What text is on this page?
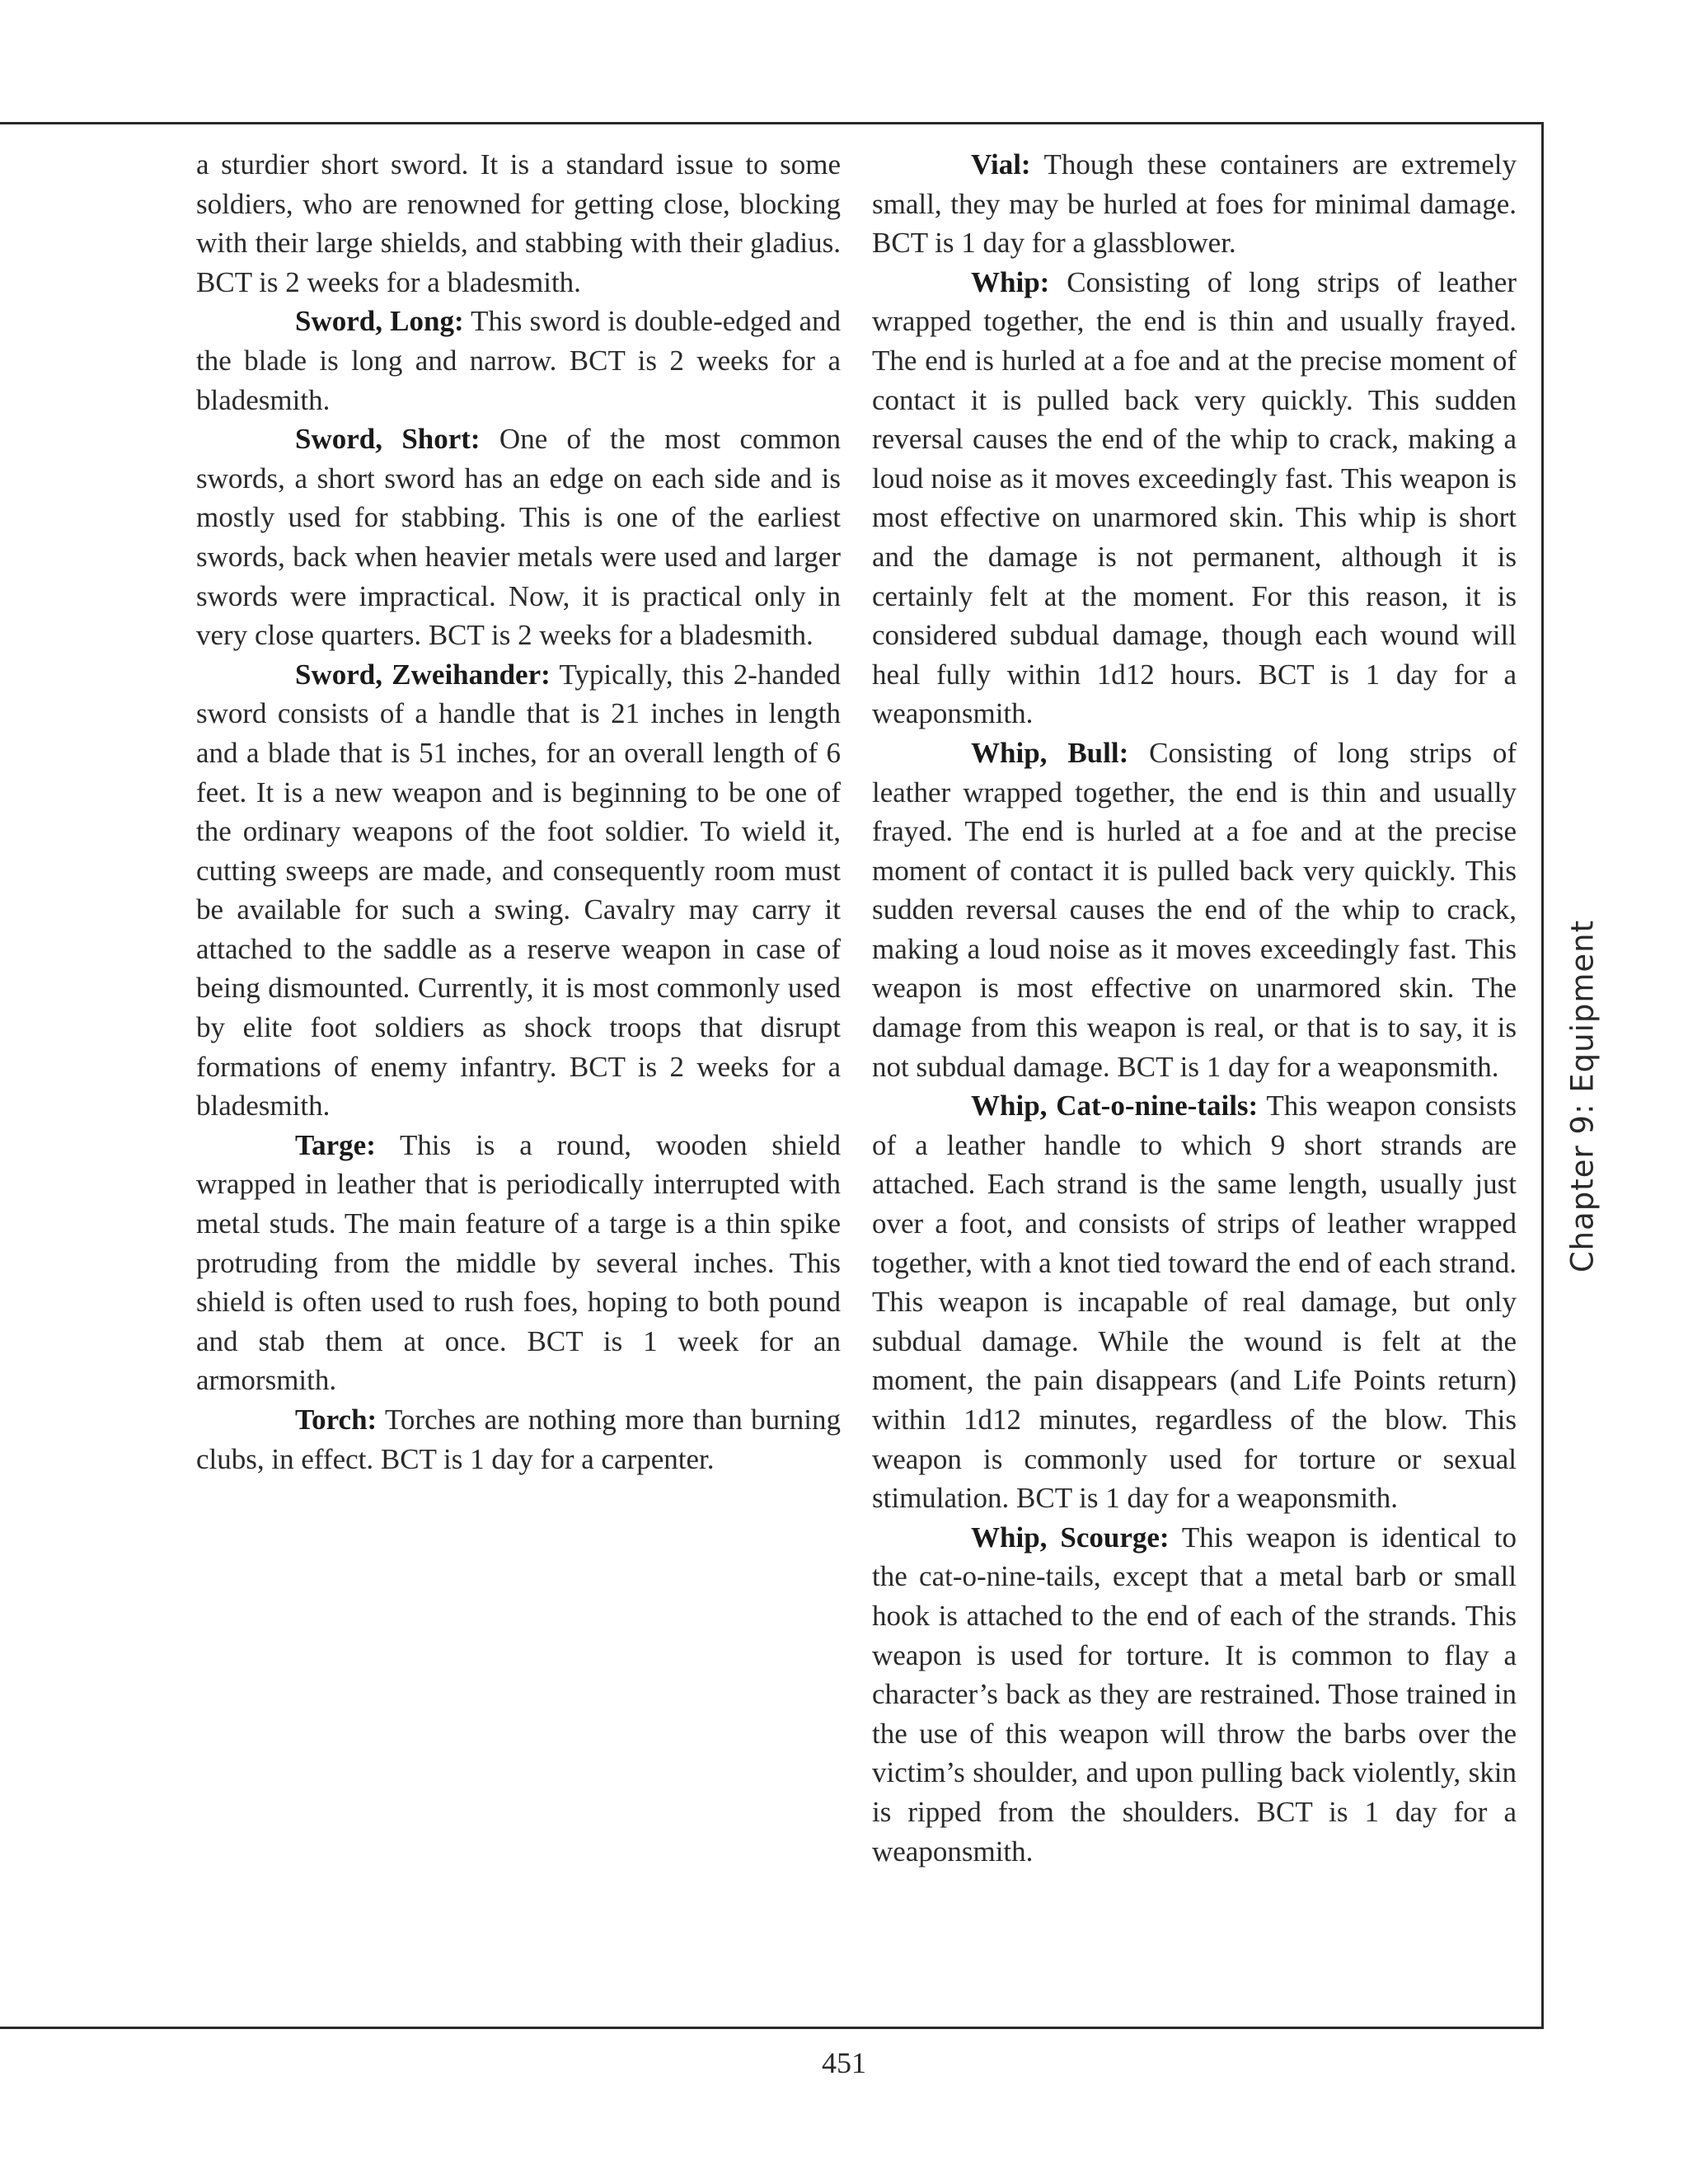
a sturdier short sword. It is a standard issue to some soldiers, who are renowned for getting close, blocking with their large shields, and stabbing with their gladius. BCT is 2 weeks for a bladesmith.

Sword, Long: This sword is double-edged and the blade is long and narrow. BCT is 2 weeks for a bladesmith.

Sword, Short: One of the most common swords, a short sword has an edge on each side and is mostly used for stabbing. This is one of the earliest swords, back when heavier metals were used and larger swords were impractical. Now, it is practical only in very close quarters. BCT is 2 weeks for a bladesmith.

Sword, Zweihander: Typically, this 2-handed sword consists of a handle that is 21 inches in length and a blade that is 51 inches, for an overall length of 6 feet. It is a new weapon and is beginning to be one of the ordinary weapons of the foot soldier. To wield it, cutting sweeps are made, and consequently room must be available for such a swing. Cavalry may carry it attached to the saddle as a reserve weapon in case of being dismounted. Currently, it is most commonly used by elite foot soldiers as shock troops that disrupt formations of enemy infantry. BCT is 2 weeks for a bladesmith.

Targe: This is a round, wooden shield wrapped in leather that is periodically interrupted with metal studs. The main feature of a targe is a thin spike protruding from the middle by several inches. This shield is often used to rush foes, hoping to both pound and stab them at once. BCT is 1 week for an armorsmith.

Torch: Torches are nothing more than burning clubs, in effect. BCT is 1 day for a carpenter.

Vial: Though these containers are extremely small, they may be hurled at foes for minimal damage. BCT is 1 day for a glassblower.

Whip: Consisting of long strips of leather wrapped together, the end is thin and usually frayed. The end is hurled at a foe and at the precise moment of contact it is pulled back very quickly. This sudden reversal causes the end of the whip to crack, making a loud noise as it moves exceedingly fast. This weapon is most effective on unarmored skin. This whip is short and the damage is not permanent, although it is certainly felt at the moment. For this reason, it is considered subdual damage, though each wound will heal fully within 1d12 hours. BCT is 1 day for a weaponsmith.

Whip, Bull: Consisting of long strips of leather wrapped together, the end is thin and usually frayed. The end is hurled at a foe and at the precise moment of contact it is pulled back very quickly. This sudden reversal causes the end of the whip to crack, making a loud noise as it moves exceedingly fast. This weapon is most effective on unarmored skin. The damage from this weapon is real, or that is to say, it is not subdual damage. BCT is 1 day for a weaponsmith.

Whip, Cat-o-nine-tails: This weapon consists of a leather handle to which 9 short strands are attached. Each strand is the same length, usually just over a foot, and consists of strips of leather wrapped together, with a knot tied toward the end of each strand. This weapon is incapable of real damage, but only subdual damage. While the wound is felt at the moment, the pain disappears (and Life Points return) within 1d12 minutes, regardless of the blow. This weapon is commonly used for torture or sexual stimulation. BCT is 1 day for a weaponsmith.

Whip, Scourge: This weapon is identical to the cat-o-nine-tails, except that a metal barb or small hook is attached to the end of each of the strands. This weapon is used for torture. It is common to flay a character’s back as they are restrained. Those trained in the use of this weapon will throw the barbs over the victim’s shoulder, and upon pulling back violently, skin is ripped from the shoulders. BCT is 1 day for a weaponsmith.

Chapter 9: Equipment
451
